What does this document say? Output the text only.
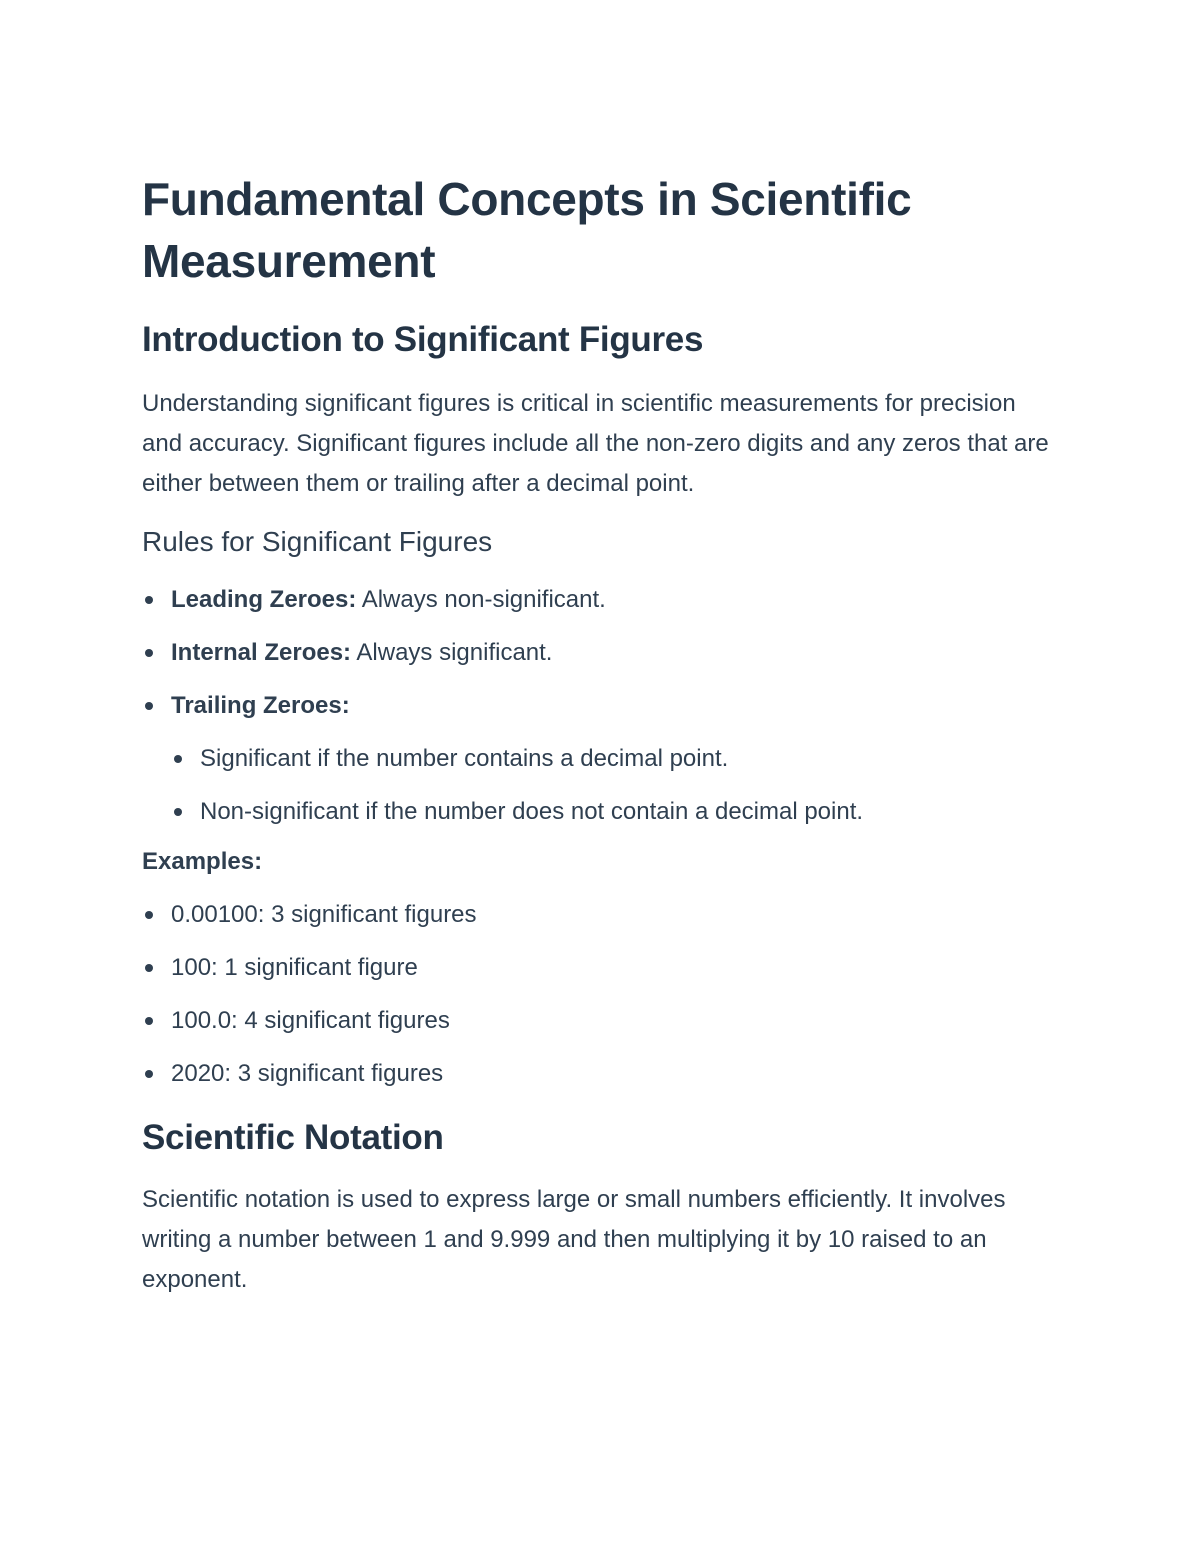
Fundamental Concepts in Scientific Measurement
Introduction to Significant Figures

Understanding significant figures is critical in scientific measurements for precision and accuracy. Significant figures include all the non-zero digits and any zeros that are either between them or trailing after a decimal point.

Rules for Significant Figures
Leading Zeroes: Always non-significant.
Internal Zeroes: Always significant.
Trailing Zeroes:
Significant if the number contains a decimal point.
Non-significant if the number does not contain a decimal point.

Examples:

0.00100: 3 significant figures
100: 1 significant figure
100.0: 4 significant figures
2020: 3 significant figures
Scientific Notation

Scientific notation is used to express large or small numbers efficiently. It involves writing a number between 1 and 9.999 and then multiplying it by 10 raised to an exponent.
